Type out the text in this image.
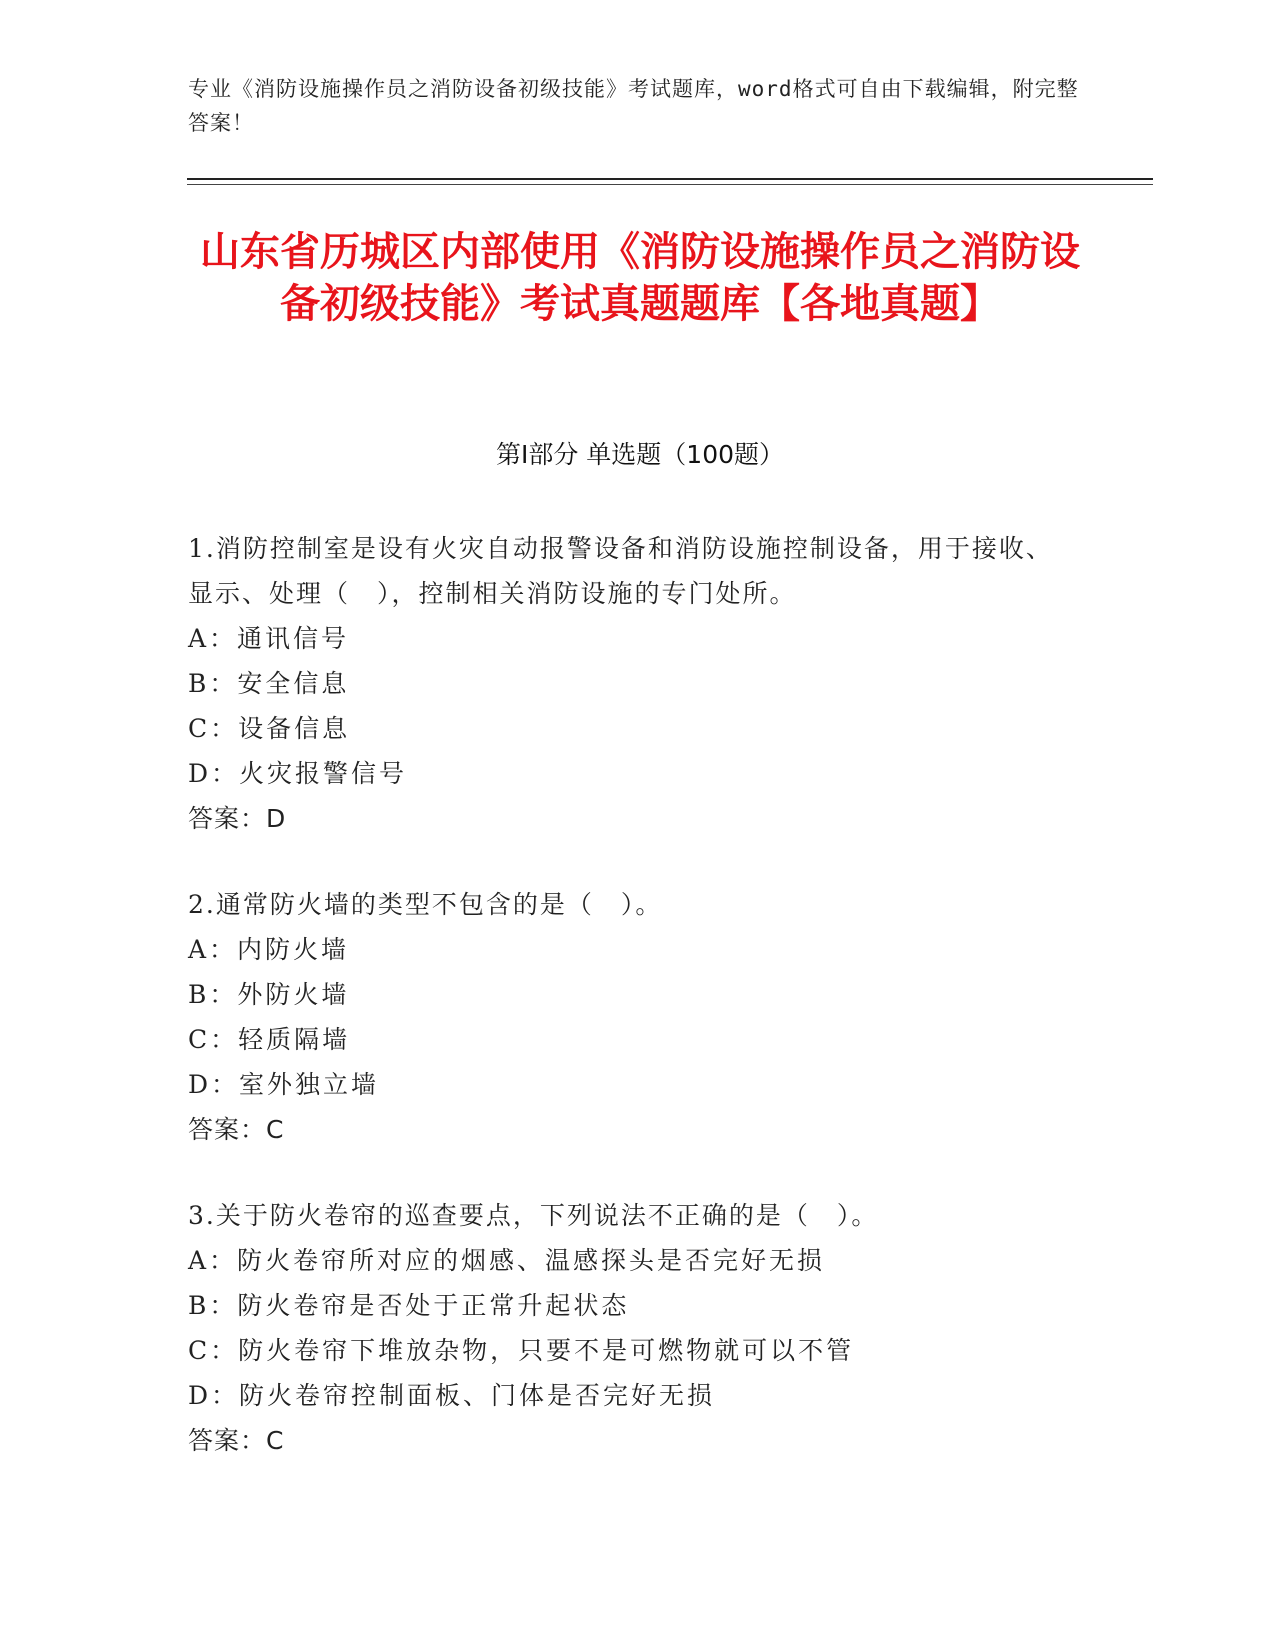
专业《消防设施操作员之消防设备初级技能》考试题库，word格式可自由下载编辑，附完整答案！
山东省历城区内部使用《消防设施操作员之消防设备初级技能》考试真题题库【各地真题】
第I部分 单选题（100题）
1.消防控制室是设有火灾自动报警设备和消防设施控制设备，用于接收、显示、处理（　），控制相关消防设施的专门处所。
A：通讯信号
B：安全信息
C：设备信息
D：火灾报警信号
答案：D
2.通常防火墙的类型不包含的是（　）。
A：内防火墙
B：外防火墙
C：轻质隔墙
D：室外独立墙
答案：C
3.关于防火卷帘的巡查要点，下列说法不正确的是（　）。
A：防火卷帘所对应的烟感、温感探头是否完好无损
B：防火卷帘是否处于正常升起状态
C：防火卷帘下堆放杂物，只要不是可燃物就可以不管
D：防火卷帘控制面板、门体是否完好无损
答案：C
